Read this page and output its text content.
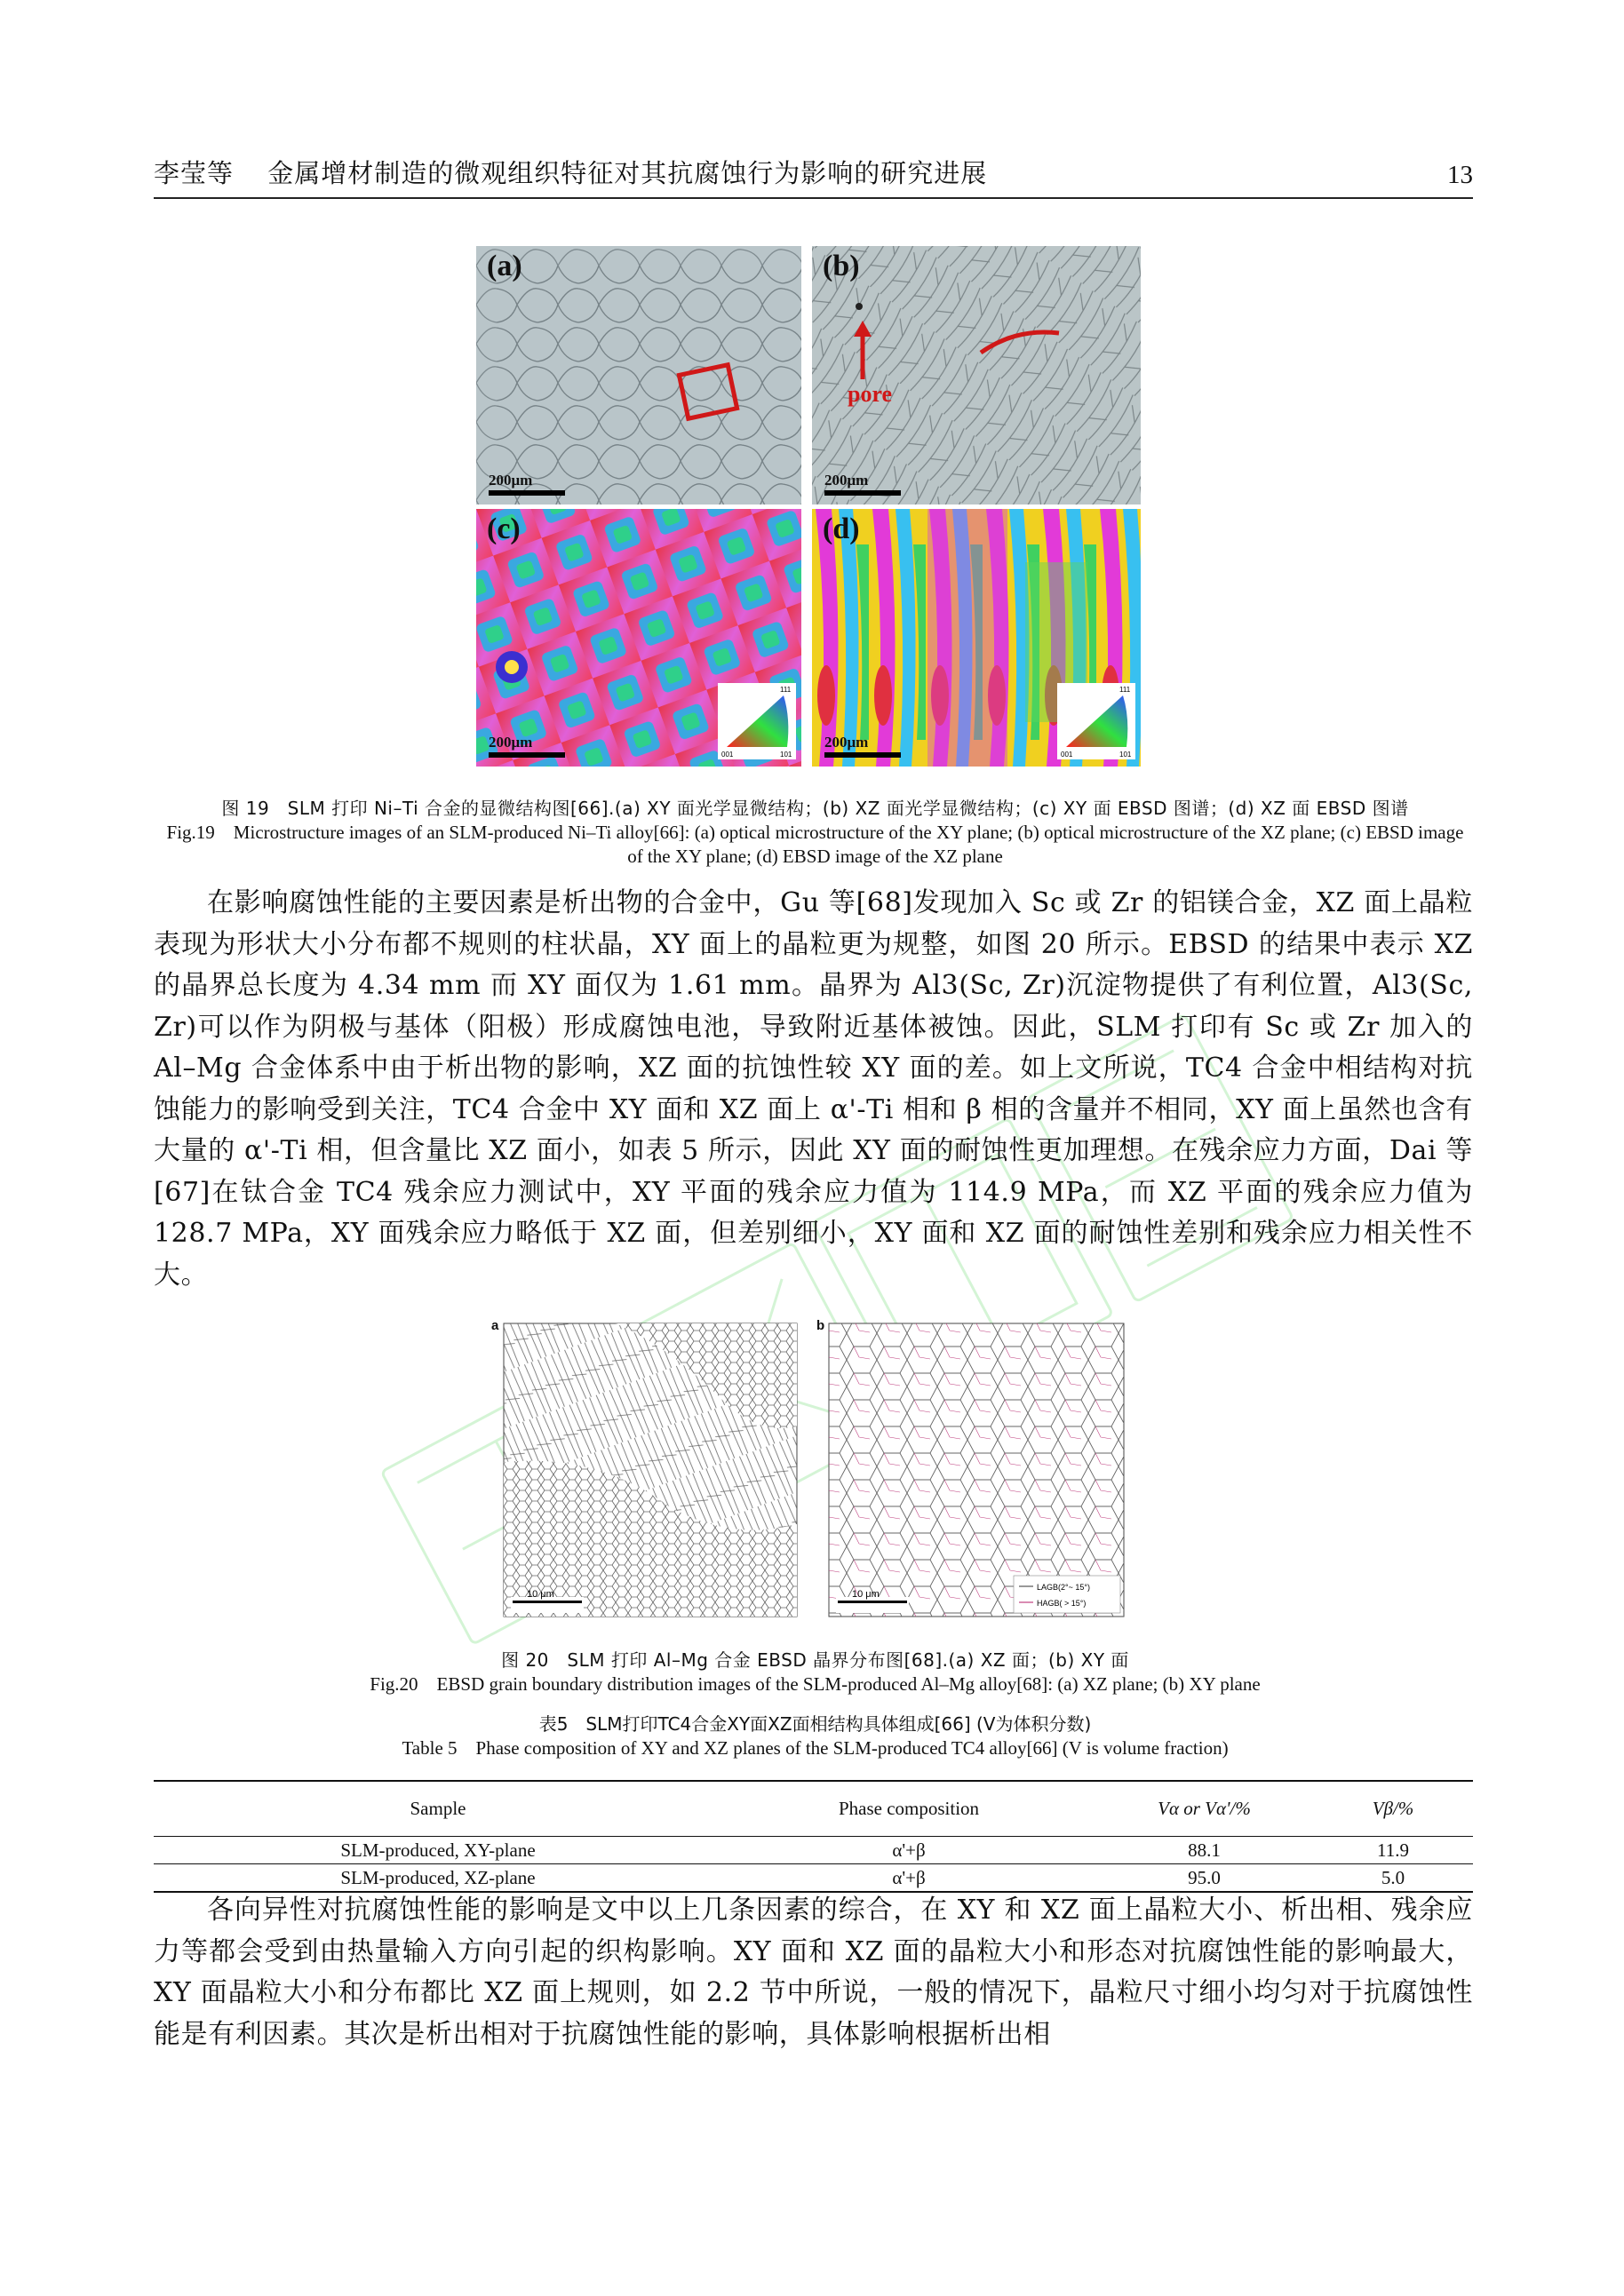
李莹等 金属增材制造的微观组织特征对其抗腐蚀行为影响的研究进展	13
(a)
200μm
(b)
pore
200μm
(c)
200μm
111
001	101
(d)
200μm
111
001	101
图 19　SLM 打印 Ni–Ti 合金的显微结构图[66].(a) XY 面光学显微结构；(b) XZ 面光学显微结构；(c) XY 面 EBSD 图谱；(d) XZ 面 EBSD 图谱
Fig.19　Microstructure images of an SLM-produced Ni–Ti alloy[66]: (a) optical microstructure of the XY plane; (b) optical microstructure of the XZ plane; (c) EBSD image of the XY plane; (d) EBSD image of the XZ plane

在影响腐蚀性能的主要因素是析出物的合金中，Gu 等[68]发现加入 Sc 或 Zr 的铝镁合金，XZ 面上晶粒表现为形状大小分布都不规则的柱状晶，XY 面上的晶粒更为规整，如图 20 所示。EBSD 的结果中表示 XZ 的晶界总长度为 4.34 mm 而 XY 面仅为 1.61 mm。晶界为 Al3(Sc, Zr)沉淀物提供了有利位置，Al3(Sc, Zr)可以作为阴极与基体（阳极）形成腐蚀电池，导致附近基体被蚀。因此，SLM 打印有 Sc 或 Zr 加入的 Al–Mg 合金体系中由于析出物的影响，XZ 面的抗蚀性较 XY 面的差。如上文所说，TC4 合金中相结构对抗蚀能力的影响受到关注，TC4 合金中 XY 面和 XZ 面上 α'-Ti 相和 β 相的含量并不相同，XY 面上虽然也含有大量的 α'-Ti 相，但含量比 XZ 面小，如表 5 所示，因此 XY 面的耐蚀性更加理想。在残余应力方面，Dai 等[67]在钛合金 TC4 残余应力测试中，XY 平面的残余应力值为 114.9 MPa，而 XZ 平面的残余应力值为 128.7 MPa，XY 面残余应力略低于 XZ 面，但差别细小，XY 面和 XZ 面的耐蚀性差别和残余应力相关性不大。

10 μm
a
LAGB(2°~ 15°)
HAGB( > 15°)
10 μm
b
图 20　SLM 打印 Al–Mg 合金 EBSD 晶界分布图[68].(a) XZ 面；(b) XY 面
Fig.20　EBSD grain boundary distribution images of the SLM-produced Al–Mg alloy[68]: (a) XZ plane; (b) XY plane
表5　SLM打印TC4合金XY面XZ面相结构具体组成[66] (V为体积分数)
Table 5　Phase composition of XY and XZ planes of the SLM-produced TC4 alloy[66] (V is volume fraction)
Sample	Phase composition	Vα or Vα'/%	Vβ/%
SLM-produced, XY-plane	α'+β	88.1	11.9
SLM-produced, XZ-plane	α'+β	95.0	5.0

各向异性对抗腐蚀性能的影响是文中以上几条因素的综合，在 XY 和 XZ 面上晶粒大小、析出相、残余应力等都会受到由热量输入方向引起的织构影响。XY 面和 XZ 面的晶粒大小和形态对抗腐蚀性能的影响最大，XY 面晶粒大小和分布都比 XZ 面上规则，如 2.2 节中所说，一般的情况下，晶粒尺寸细小均匀对于抗腐蚀性能是有利因素。其次是析出相对于抗腐蚀性能的影响，具体影响根据析出相
